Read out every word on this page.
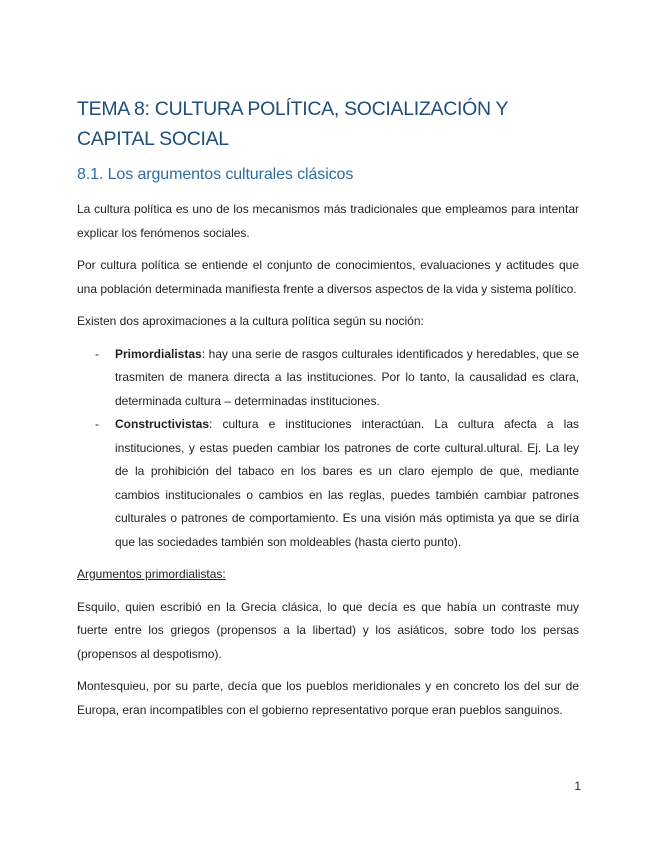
TEMA 8: CULTURA POLÍTICA, SOCIALIZACIÓN Y CAPITAL SOCIAL
8.1. Los argumentos culturales clásicos

La cultura política es uno de los mecanismos más tradicionales que empleamos para intentar explicar los fenómenos sociales.

Por cultura política se entiende el conjunto de conocimientos, evaluaciones y actitudes que una población determinada manifiesta frente a diversos aspectos de la vida y sistema político.

Existen dos aproximaciones a la cultura política según su noción:

- Primordialistas: hay una serie de rasgos culturales identificados y heredables, que se trasmiten de manera directa a las instituciones. Por lo tanto, la causalidad es clara, determinada cultura – determinadas instituciones.
- Constructivistas: cultura e instituciones interactúan. La cultura afecta a las instituciones, y estas pueden cambiar los patrones de corte cultural.ultural. Ej. La ley de la prohibición del tabaco en los bares es un claro ejemplo de que, mediante cambios institucionales o cambios en las reglas, puedes también cambiar patrones culturales o patrones de comportamiento. Es una visión más optimista ya que se diría que las sociedades también son moldeables (hasta cierto punto).

Argumentos primordialistas:

Esquilo, quien escribió en la Grecia clásica, lo que decía es que había un contraste muy fuerte entre los griegos (propensos a la libertad) y los asiáticos, sobre todo los persas (propensos al despotismo).

Montesquieu, por su parte, decía que los pueblos meridionales y en concreto los del sur de Europa, eran incompatibles con el gobierno representativo porque eran pueblos sanguinos.

1
